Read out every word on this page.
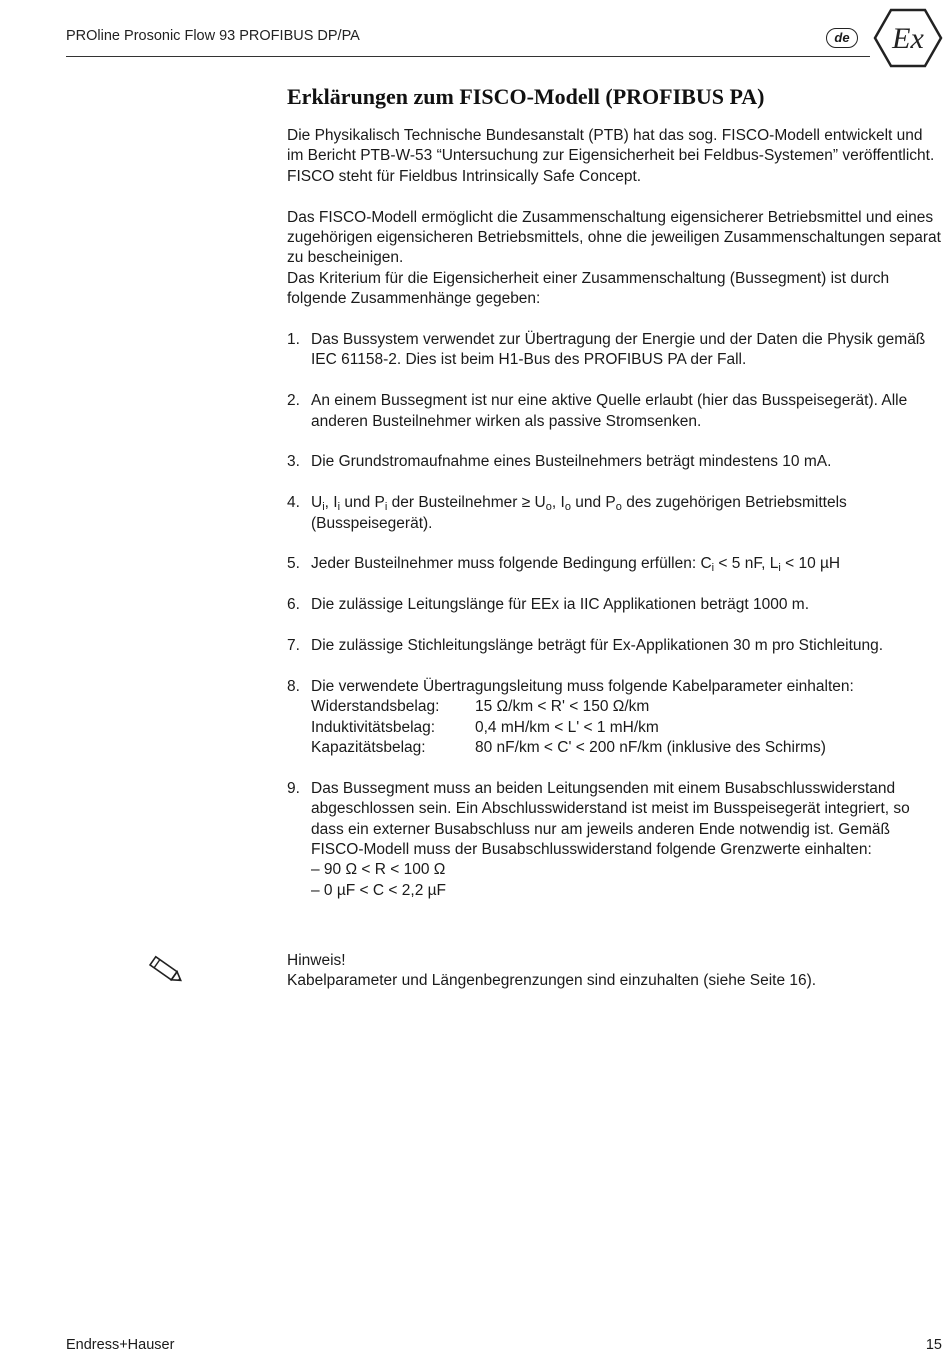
PROline Prosonic Flow 93 PROFIBUS DP/PA	de Ex
Erklärungen zum FISCO-Modell (PROFIBUS PA)

Die Physikalisch Technische Bundesanstalt (PTB) hat das sog. FISCO-Modell entwickelt und im Bericht PTB-W-53 “Untersuchung zur Eigensicherheit bei Feldbus-Systemen” veröffentlicht. FISCO steht für Fieldbus Intrinsically Safe Concept.

Das FISCO-Modell ermöglicht die Zusammenschaltung eigensicherer Betriebsmittel und eines zugehörigen eigensicheren Betriebsmittels, ohne die jeweiligen Zusammenschaltungen separat zu bescheinigen.

Das Kriterium für die Eigensicherheit einer Zusammenschaltung (Bussegment) ist durch folgende Zusammenhänge gegeben:

1. Das Bussystem verwendet zur Übertragung der Energie und der Daten die Physik gemäß IEC 61158-2. Dies ist beim H1-Bus des PROFIBUS PA der Fall.
2. An einem Bussegment ist nur eine aktive Quelle erlaubt (hier das Busspeisegerät). Alle anderen Busteilnehmer wirken als passive Stromsenken.
3. Die Grundstromaufnahme eines Busteilnehmers beträgt mindestens 10 mA.
4. $U_i$, $I_i$ und $P_i$ der Busteilnehmer ≥ $U_o$, $I_o$ und $P_o$ des zugehörigen Betriebsmittels (Busspeisegerät).
5. Jeder Busteilnehmer muss folgende Bedingung erfüllen: $C_i < 5$ nF, $L_i < 10$ µH
6. Die zulässige Leitungslänge für EEx ia IIC Applikationen beträgt 1000 m.
7. Die zulässige Stichleitungslänge beträgt für Ex-Applikationen 30 m pro Stichleitung.
8. Die verwendete Übertragungsleitung muss folgende Kabelparameter einhalten:
Widerstandsbelag:	15 Ω/km < R' < 150 Ω/km
Induktivitätsbelag:	0,4 mH/km < L' < 1 mH/km
Kapazitätsbelag:	80 nF/km < C' < 200 nF/km (inklusive des Schirms)
9. Das Bussegment muss an beiden Leitungsenden mit einem Busabschlusswiderstand abgeschlossen sein. Ein Abschlusswiderstand ist meist im Busspeisegerät integriert, so dass ein externer Busabschluss nur am jeweils anderen Ende notwendig ist. Gemäß FISCO-Modell muss der Busabschlusswiderstand folgende Grenzwerte einhalten:
– 90 Ω < R < 100 Ω
– 0 µF < C < 2,2 µF
Hinweis!
Kabelparameter und Längenbegrenzungen sind einzuhalten (siehe Seite 16).
Endress+Hauser	15
